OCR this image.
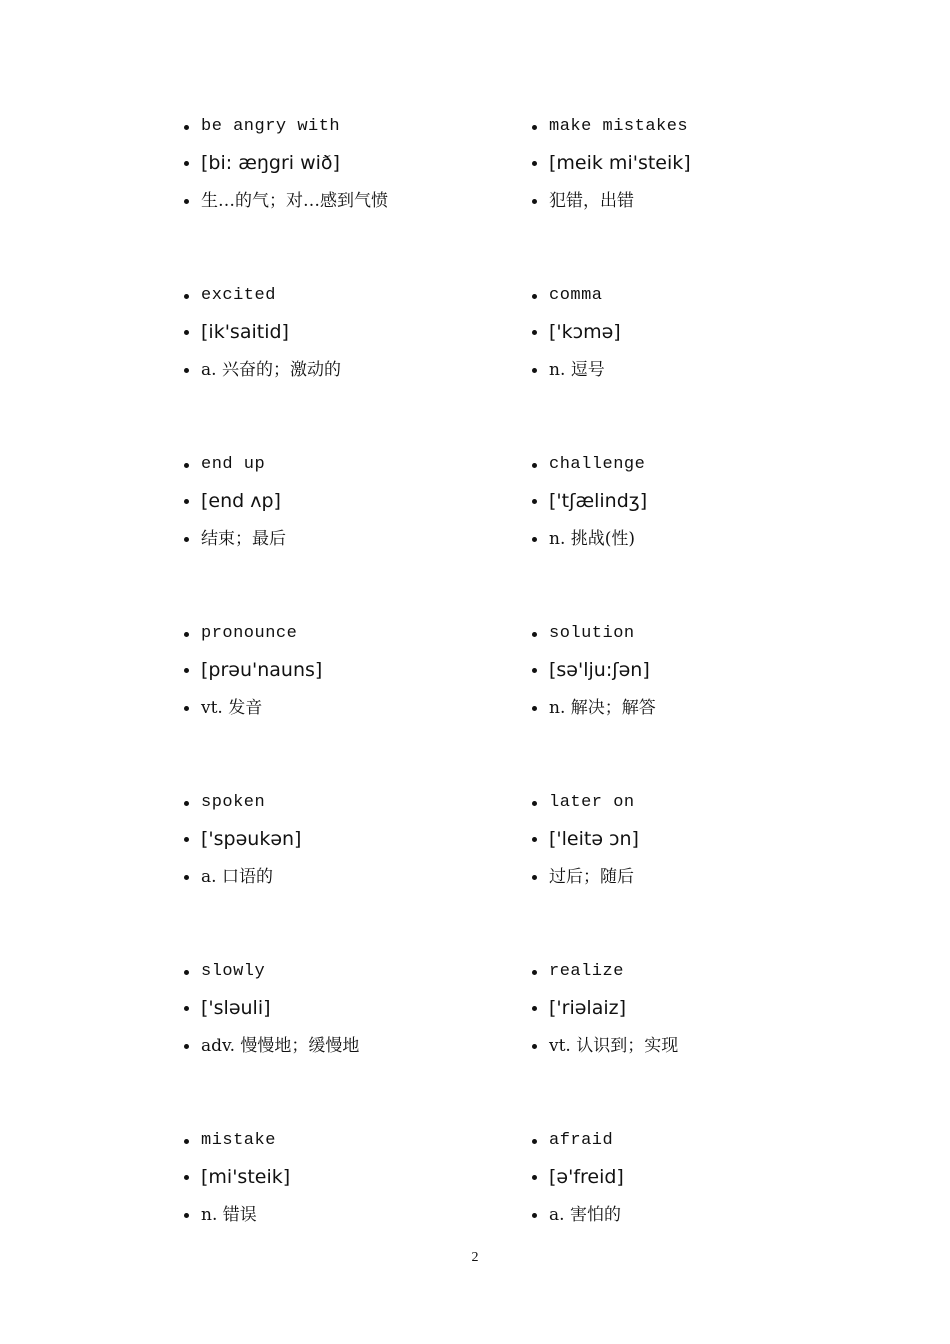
be angry with
[bi: æŋgri wið]
生…的气；对…感到气愤
make mistakes
[meik mi'steik]
犯错，出错
excited
[ik'saitid]
a. 兴奋的；激动的
comma
['kɔmə]
n. 逗号
end up
[end ʌp]
结束；最后
challenge
['tʃælindʒ]
n. 挑战(性)
pronounce
[prəu'nauns]
vt. 发音
solution
[sə'lju:ʃən]
n. 解决；解答
spoken
['spəukən]
a. 口语的
later on
['leitə ɔn]
过后；随后
slowly
['sləuli]
adv. 慢慢地；缓慢地
realize
['riəlaiz]
vt. 认识到；实现
mistake
[mi'steik]
n. 错误
afraid
[ə'freid]
a. 害怕的
2
